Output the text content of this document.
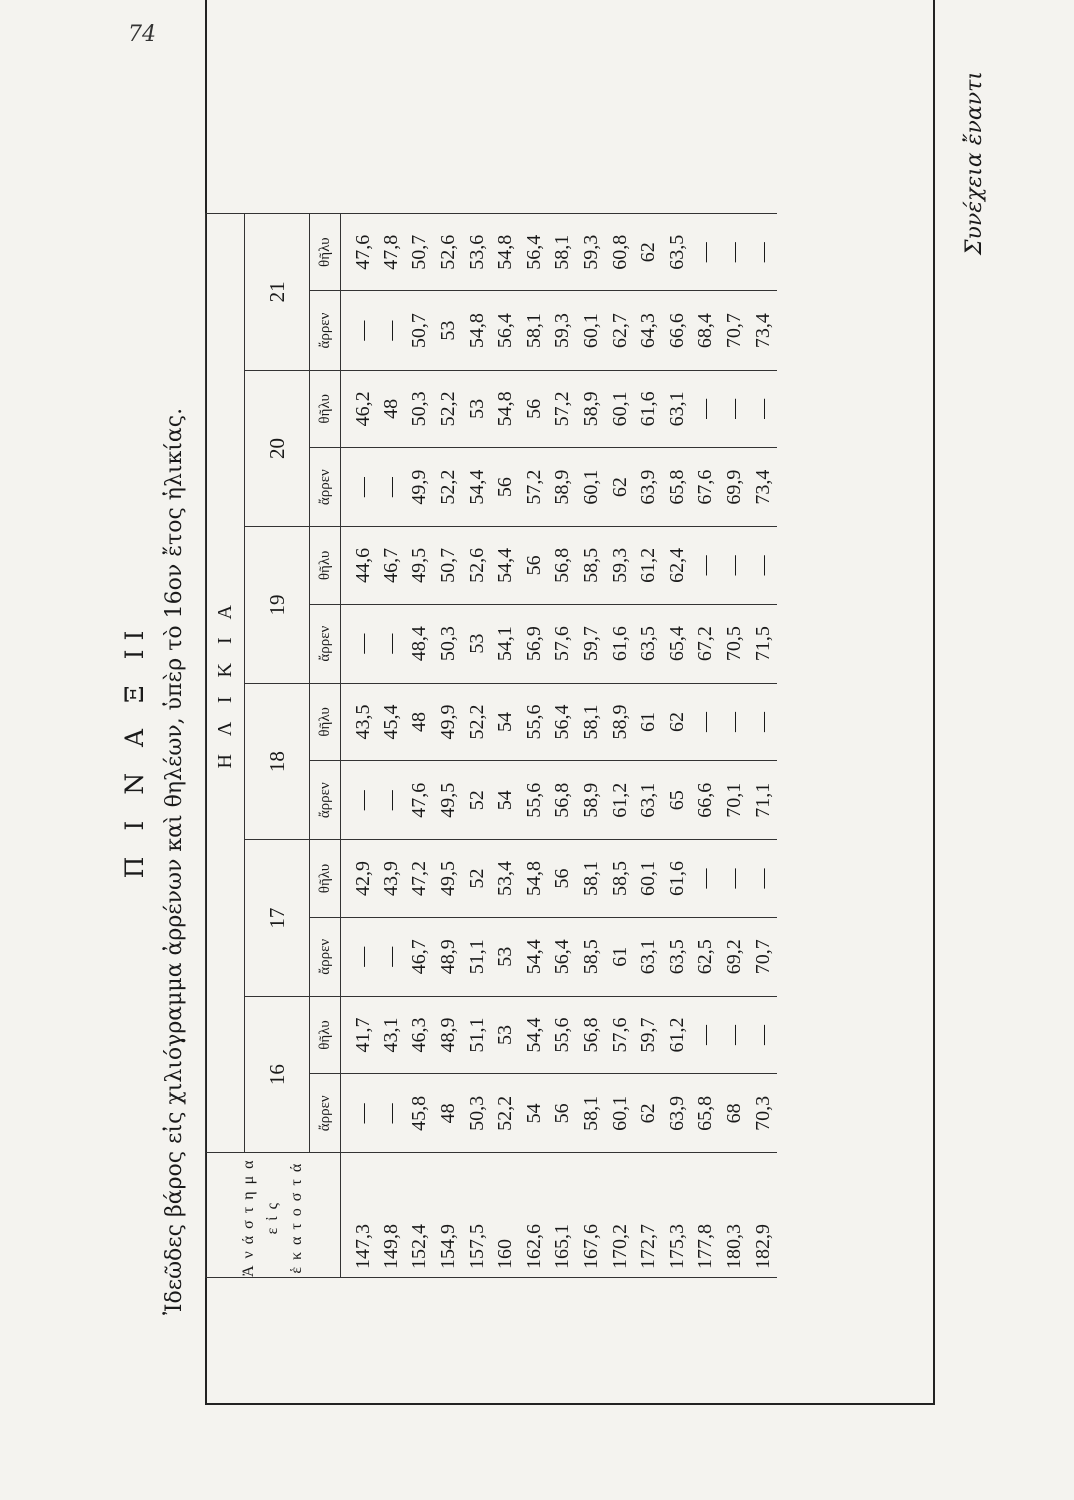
74
Π Ι Ν Α Ξ ΙΙ Ἰδεῶδες βάρος εἰς χιλιόγραμμα ἀρρένων καὶ θηλέων, ὑπὲρ τὸ 16ον ἔτος ἡλικίας.	Ἀνάστημα εἰς ἑκατοστά	Η Λ Ι Κ Ι Α											
	16		17		18		19		20		21	
	ἄρρεν	θῆλυ	ἄρρεν	θῆλυ	ἄρρεν	θῆλυ	ἄρρεν	θῆλυ	ἄρρεν	θῆλυ	ἄρρεν	θῆλυ
147,3	—	41,7	—	42,9	—	43,5	—	44,6	—	46,2	—	47,6
149,8	—	43,1	—	43,9	—	45,4	—	46,7	—	48	—	47,8
152,4	45,8	46,3	46,7	47,2	47,6	48	48,4	49,5	49,9	50,3	50,7	50,7
154,9	48	48,9	48,9	49,5	49,5	49,9	50,3	50,7	52,2	52,2	53	52,6
157,5	50,3	51,1	51,1	52	52	52,2	53	52,6	54,4	53	54,8	53,6
160	52,2	53	53	53,4	54	54	54,1	54,4	56	54,8	56,4	54,8
162,6	54	54,4	54,4	54,8	55,6	55,6	56,9	56	57,2	56	58,1	56,4
165,1	56	55,6	56,4	56	56,8	56,4	57,6	56,8	58,9	57,2	59,3	58,1
167,6	58,1	56,8	58,5	58,1	58,9	58,1	59,7	58,5	60,1	58,9	60,1	59,3
170,2	60,1	57,6	61	58,5	61,2	58,9	61,6	59,3	62	60,1	62,7	60,8
172,7	62	59,7	63,1	60,1	63,1	61	63,5	61,2	63,9	61,6	64,3	62
175,3	63,9	61,2	63,5	61,6	65	62	65,4	62,4	65,8	63,1	66,6	63,5
177,8	65,8	—	62,5	—	66,6	—	67,2	—	67,6	—	68,4	—
180,3	68	—	69,2	—	70,1	—	70,5	—	69,9	—	70,7	—
182,9	70,3	—	70,7	—	71,1	—	71,5	—	73,4	—	73,4	—	Συνέχεια ἔναντι
